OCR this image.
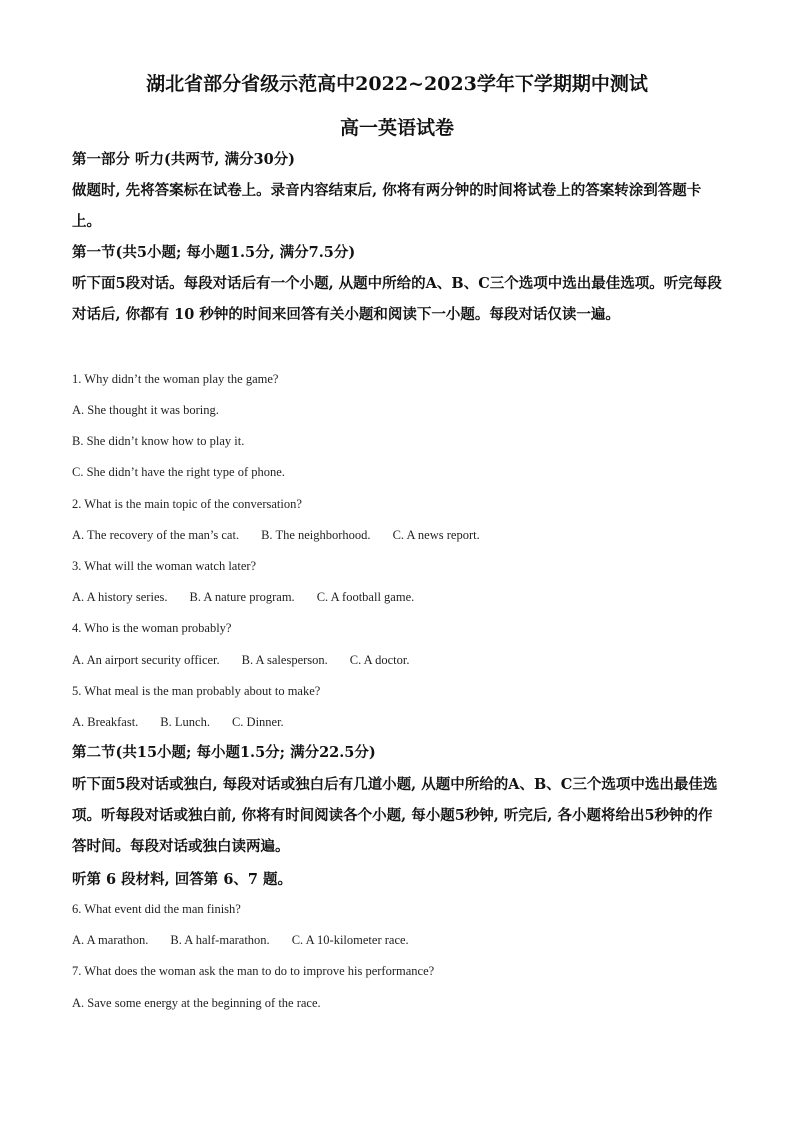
湖北省部分省级示范高中2022~2023学年下学期期中测试
高一英语试卷
第一部分 听力(共两节, 满分30分)
做题时, 先将答案标在试卷上。录音内容结束后, 你将有两分钟的时间将试卷上的答案转涂到答题卡上。
第一节(共5小题; 每小题1.5分, 满分7.5分)
听下面5段对话。每段对话后有一个小题, 从题中所给的A、B、C三个选项中选出最佳选项。听完每段对话后, 你都有 10 秒钟的时间来回答有关小题和阅读下一小题。每段对话仅读一遍。
1. Why didn’t the woman play the game?
A. She thought it was boring.
B. She didn’t know how to play it.
C. She didn’t have the right type of phone.
2. What is the main topic of the conversation?
A. The recovery of the man’s cat. B. The neighborhood. C. A news report.
3. What will the woman watch later?
A. A history series. B. A nature program. C. A football game.
4. Who is the woman probably?
A. An airport security officer. B. A salesperson. C. A doctor.
5. What meal is the man probably about to make?
A. Breakfast. B. Lunch. C. Dinner.
第二节(共15小题; 每小题1.5分; 满分22.5分)
听下面5段对话或独白, 每段对话或独白后有几道小题, 从题中所给的A、B、C三个选项中选出最佳选项。听每段对话或独白前, 你将有时间阅读各个小题, 每小题5秒钟, 听完后, 各小题将给出5秒钟的作答时间。每段对话或独白读两遍。
听第 6 段材料, 回答第 6、7 题。
6. What event did the man finish?
A. A marathon. B. A half-marathon. C. A 10-kilometer race.
7. What does the woman ask the man to do to improve his performance?
A. Save some energy at the beginning of the race.
